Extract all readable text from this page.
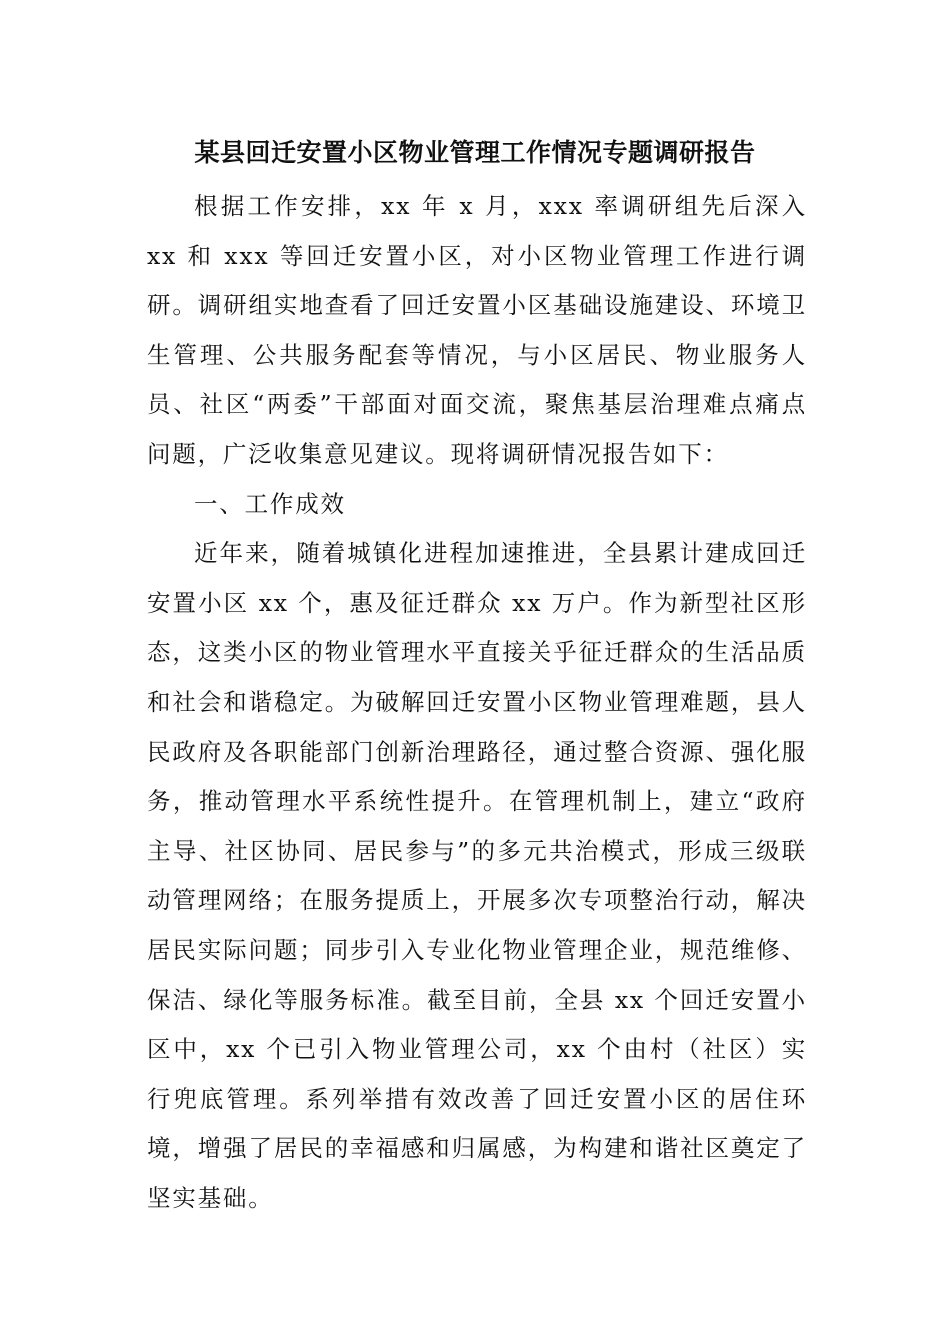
某县回迁安置小区物业管理工作情况专题调研报告

根据工作安排，xx 年 x 月，xxx 率调研组先后深入 xx 和 xxx 等回迁安置小区，对小区物业管理工作进行调研。调研组实地查看了回迁安置小区基础设施建设、环境卫生管理、公共服务配套等情况，与小区居民、物业服务人员、社区“两委”干部面对面交流，聚焦基层治理难点痛点问题，广泛收集意见建议。现将调研情况报告如下：

一、工作成效

近年来，随着城镇化进程加速推进，全县累计建成回迁安置小区 xx 个，惠及征迁群众 xx 万户。作为新型社区形态，这类小区的物业管理水平直接关乎征迁群众的生活品质和社会和谐稳定。为破解回迁安置小区物业管理难题，县人民政府及各职能部门创新治理路径，通过整合资源、强化服务，推动管理水平系统性提升。在管理机制上，建立“政府主导、社区协同、居民参与”的多元共治模式，形成三级联动管理网络；在服务提质上，开展多次专项整治行动，解决居民实际问题；同步引入专业化物业管理企业，规范维修、保洁、绿化等服务标准。截至目前，全县 xx 个回迁安置小区中，xx 个已引入物业管理公司，xx 个由村（社区）实行兜底管理。系列举措有效改善了回迁安置小区的居住环境，增强了居民的幸福感和归属感，为构建和谐社区奠定了坚实基础。
